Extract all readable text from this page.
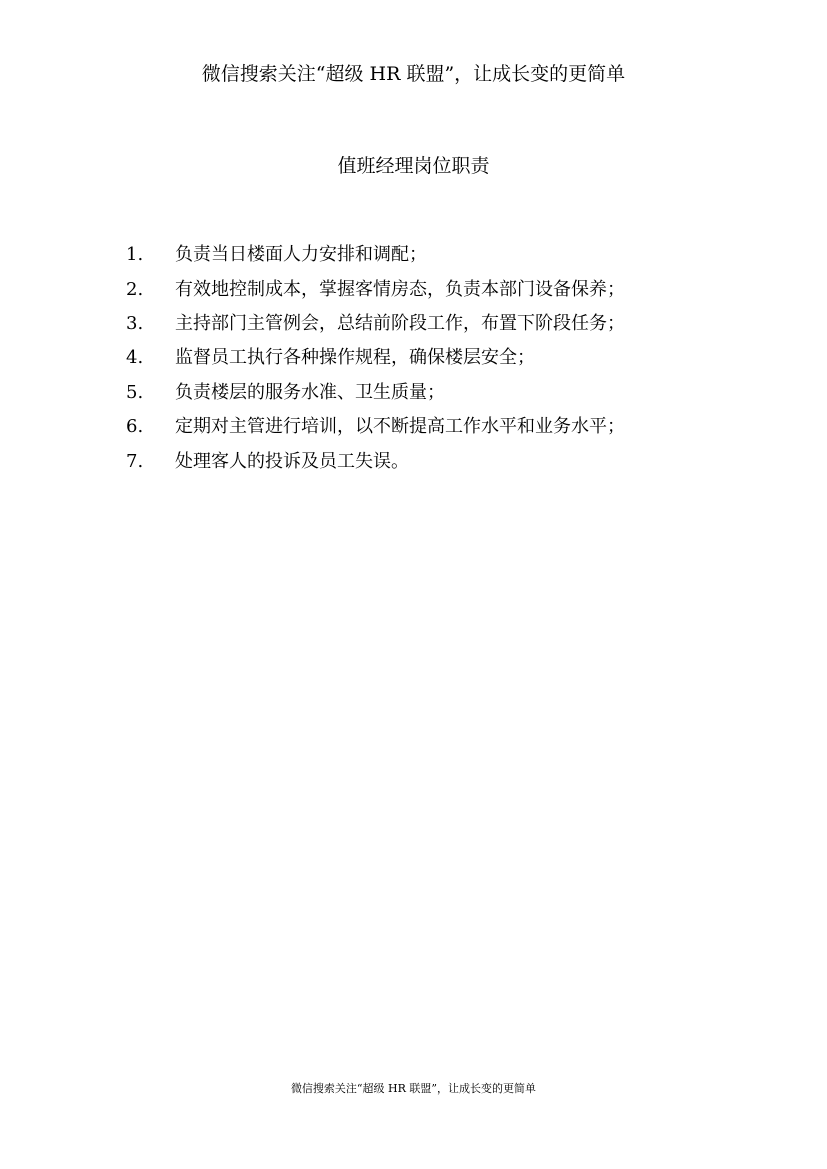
微信搜索关注“超级 HR 联盟”，让成长变的更简单
值班经理岗位职责
1.	负责当日楼面人力安排和调配；
2.	有效地控制成本，掌握客情房态，负责本部门设备保养；
3.	主持部门主管例会，总结前阶段工作，布置下阶段任务；
4.	监督员工执行各种操作规程，确保楼层安全；
5.	负责楼层的服务水准、卫生质量；
6.	定期对主管进行培训，以不断提高工作水平和业务水平；
7.	处理客人的投诉及员工失误。
微信搜索关注“超级 HR 联盟”，让成长变的更简单
